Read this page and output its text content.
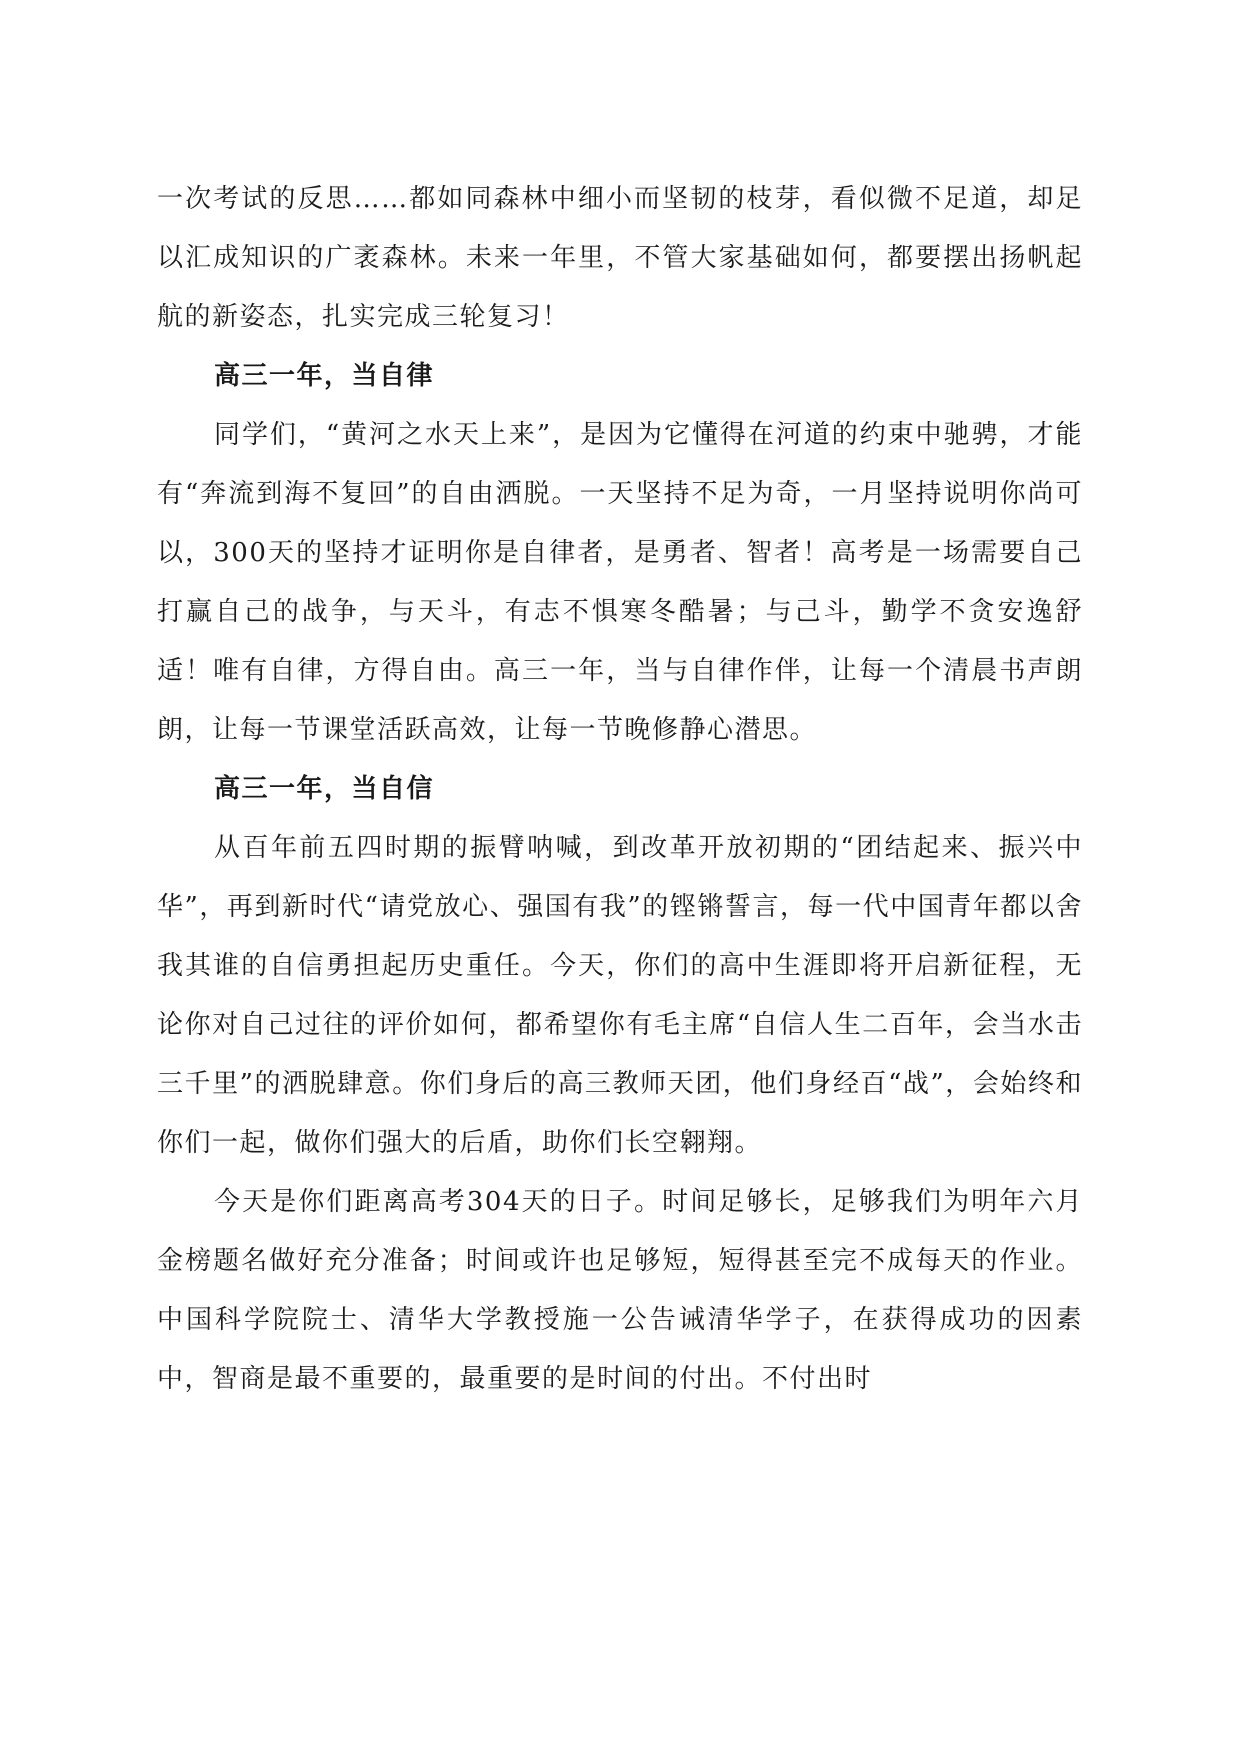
一次考试的反思……都如同森林中细小而坚韧的枝芽，看似微不足道，却足以汇成知识的广袤森林。未来一年里，不管大家基础如何，都要摆出扬帆起航的新姿态，扎实完成三轮复习！

高三一年，当自律

同学们，“黄河之水天上来”，是因为它懂得在河道的约束中驰骋，才能有“奔流到海不复回”的自由洒脱。一天坚持不足为奇，一月坚持说明你尚可以，300天的坚持才证明你是自律者，是勇者、智者！高考是一场需要自己打赢自己的战争，与天斗，有志不惧寒冬酷暑；与己斗，勤学不贪安逸舒适！唯有自律，方得自由。高三一年，当与自律作伴，让每一个清晨书声朗朗，让每一节课堂活跃高效，让每一节晚修静心潜思。

高三一年，当自信

从百年前五四时期的振臂呐喊，到改革开放初期的“团结起来、振兴中华”，再到新时代“请党放心、强国有我”的铿锵誓言，每一代中国青年都以舍我其谁的自信勇担起历史重任。今天，你们的高中生涯即将开启新征程，无论你对自己过往的评价如何，都希望你有毛主席“自信人生二百年，会当水击三千里”的洒脱肆意。你们身后的高三教师天团，他们身经百“战”，会始终和你们一起，做你们强大的后盾，助你们长空翱翔。

今天是你们距离高考304天的日子。时间足够长，足够我们为明年六月金榜题名做好充分准备；时间或许也足够短，短得甚至完不成每天的作业。中国科学院院士、清华大学教授施一公告诫清华学子，在获得成功的因素中，智商是最不重要的，最重要的是时间的付出。不付出时
